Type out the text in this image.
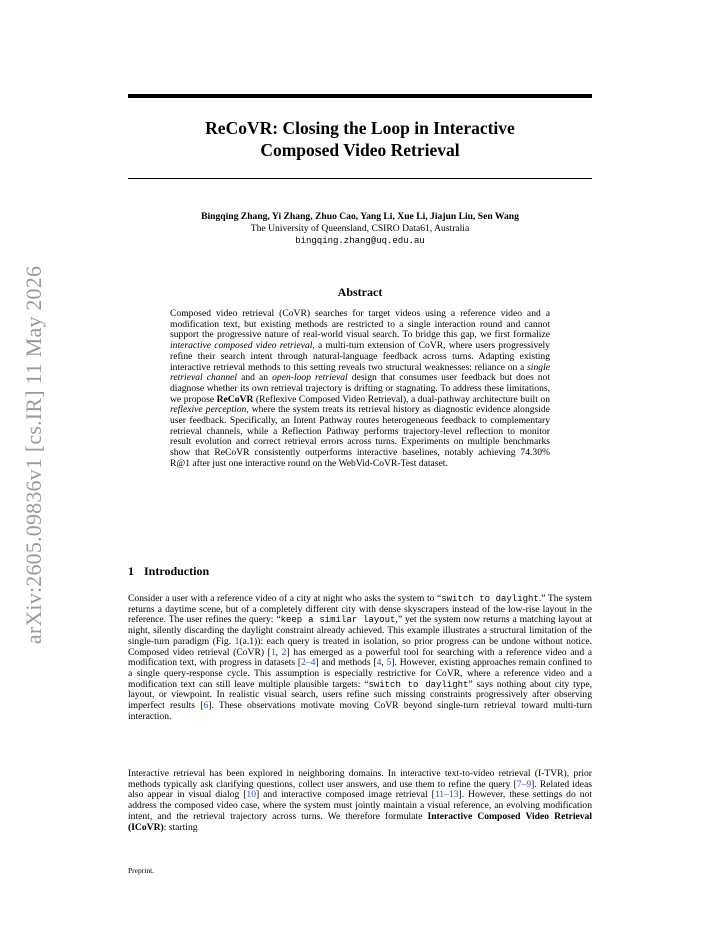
arXiv:2605.09836v1 [cs.IR] 11 May 2026
ReCoVR: Closing the Loop in Interactive
Composed Video Retrieval
Bingqing Zhang, Yi Zhang, Zhuo Cao, Yang Li, Xue Li, Jiajun Liu, Sen Wang
The University of Queensland, CSIRO Data61, Australia
bingqing.zhang@uq.edu.au
Abstract

Composed video retrieval (CoVR) searches for target videos using a reference video and a modification text, but existing methods are restricted to a single interaction round and cannot support the progressive nature of real-world visual search. To bridge this gap, we first formalize interactive composed video retrieval, a multi-turn extension of CoVR, where users progressively refine their search intent through natural-language feedback across turns. Adapting existing interactive retrieval methods to this setting reveals two structural weaknesses: reliance on a single retrieval channel and an open-loop retrieval design that consumes user feedback but does not diagnose whether its own retrieval trajectory is drifting or stagnating. To address these limitations, we propose ReCoVR (Reflexive Composed Video Retrieval), a dual-pathway architecture built on reflexive perception, where the system treats its retrieval history as diagnostic evidence alongside user feedback. Specifically, an Intent Pathway routes heterogeneous feedback to complementary retrieval channels, while a Reflection Pathway performs trajectory-level reflection to monitor result evolution and correct retrieval errors across turns. Experiments on multiple benchmarks show that ReCoVR consistently outperforms interactive baselines, notably achieving 74.30% R@1 after just one interactive round on the WebVid-CoVR-Test dataset.

1 Introduction

Consider a user with a reference video of a city at night who asks the system to “switch to daylight.” The system returns a daytime scene, but of a completely different city with dense skyscrapers instead of the low-rise layout in the reference. The user refines the query: “keep a similar layout,” yet the system now returns a matching layout at night, silently discarding the daylight constraint already achieved. This example illustrates a structural limitation of the single-turn paradigm (Fig. 1(a.1)): each query is treated in isolation, so prior progress can be undone without notice. Composed video retrieval (CoVR) [1, 2] has emerged as a powerful tool for searching with a reference video and a modification text, with progress in datasets [2–4] and methods [4, 5]. However, existing approaches remain confined to a single query-response cycle. This assumption is especially restrictive for CoVR, where a reference video and a modification text can still leave multiple plausible targets: “switch to daylight” says nothing about city type, layout, or viewpoint. In realistic visual search, users refine such missing constraints progressively after observing imperfect results [6]. These observations motivate moving CoVR beyond single-turn retrieval toward multi-turn interaction.

Interactive retrieval has been explored in neighboring domains. In interactive text-to-video retrieval (I-TVR), prior methods typically ask clarifying questions, collect user answers, and use them to refine the query [7–9]. Related ideas also appear in visual dialog [10] and interactive composed image retrieval [11–13]. However, these settings do not address the composed video case, where the system must jointly maintain a visual reference, an evolving modification intent, and the retrieval trajectory across turns. We therefore formulate Interactive Composed Video Retrieval (ICoVR): starting

Preprint.
